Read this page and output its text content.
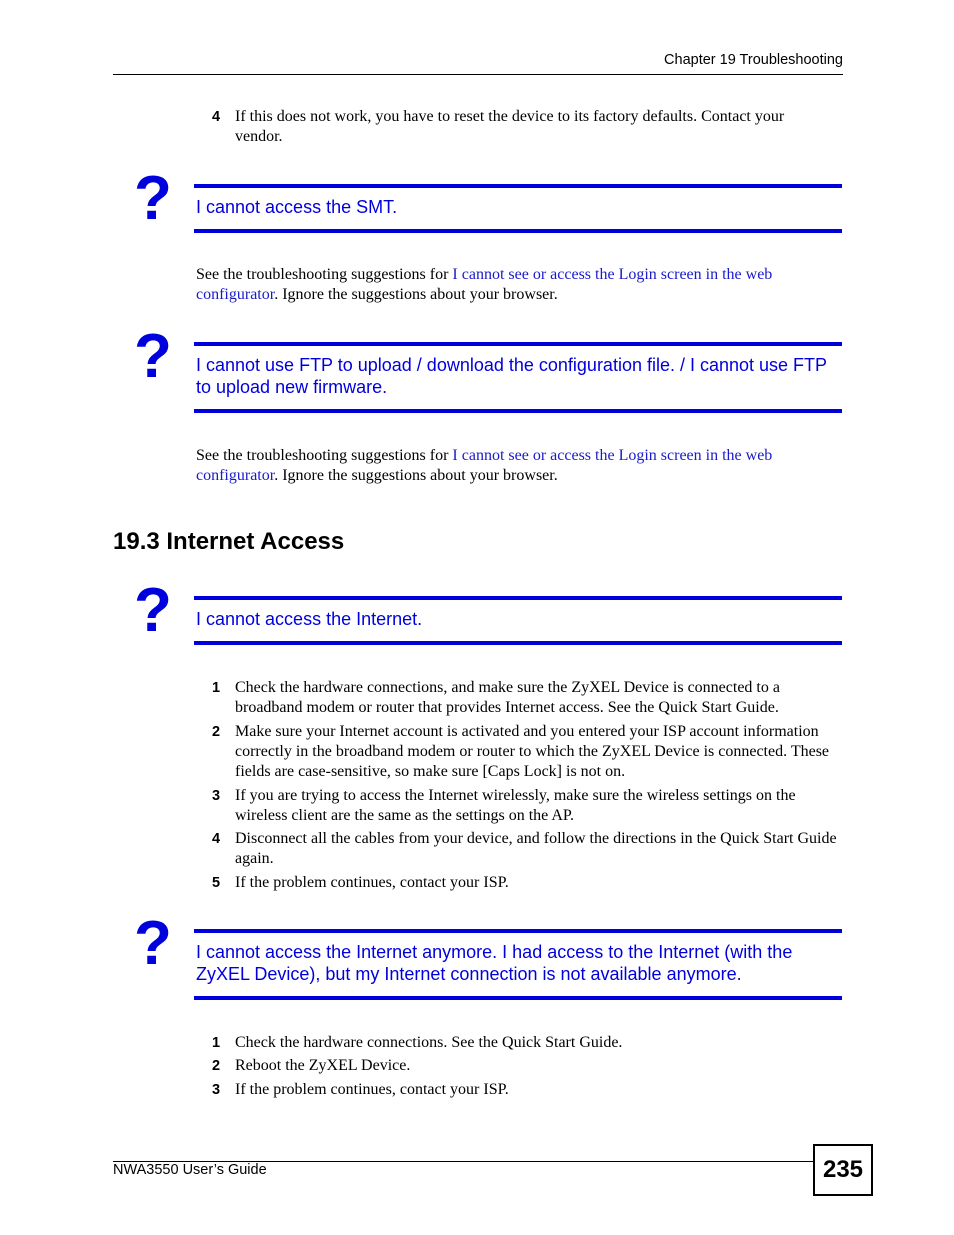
Chapter 19 Troubleshooting
4 If this does not work, you have to reset the device to its factory defaults. Contact your vendor.
? I cannot access the SMT.
See the troubleshooting suggestions for I cannot see or access the Login screen in the web configurator. Ignore the suggestions about your browser.
? I cannot use FTP to upload / download the configuration file. / I cannot use FTP to upload new firmware.
See the troubleshooting suggestions for I cannot see or access the Login screen in the web configurator. Ignore the suggestions about your browser.
19.3 Internet Access
? I cannot access the Internet.
1 Check the hardware connections, and make sure the ZyXEL Device is connected to a broadband modem or router that provides Internet access. See the Quick Start Guide.
2 Make sure your Internet account is activated and you entered your ISP account information correctly in the broadband modem or router to which the ZyXEL Device is connected. These fields are case-sensitive, so make sure [Caps Lock] is not on.
3 If you are trying to access the Internet wirelessly, make sure the wireless settings on the wireless client are the same as the settings on the AP.
4 Disconnect all the cables from your device, and follow the directions in the Quick Start Guide again.
5 If the problem continues, contact your ISP.
? I cannot access the Internet anymore. I had access to the Internet (with the ZyXEL Device), but my Internet connection is not available anymore.
1 Check the hardware connections. See the Quick Start Guide.
2 Reboot the ZyXEL Device.
3 If the problem continues, contact your ISP.
NWA3550 User’s Guide	235
